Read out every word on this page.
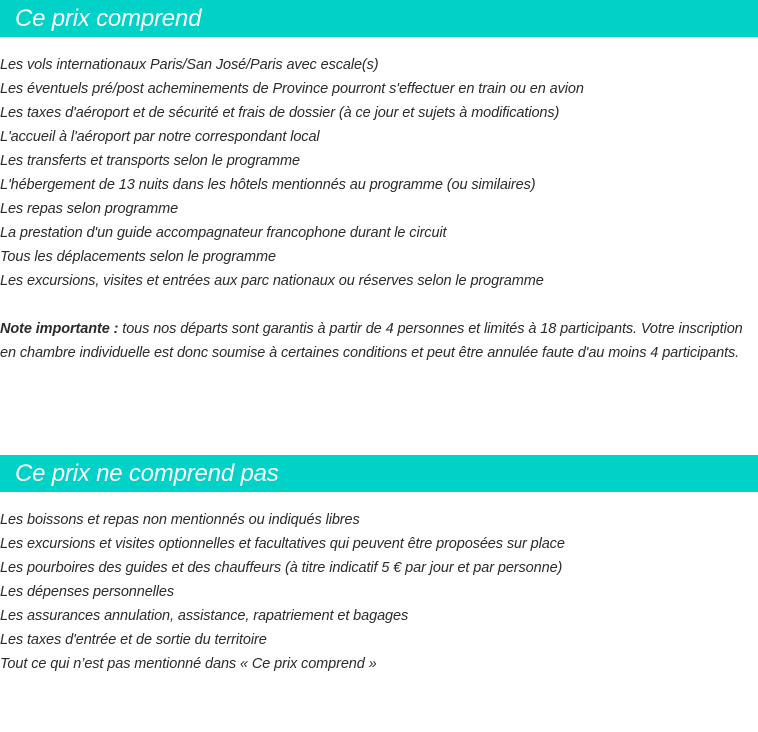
Ce prix comprend
Les vols internationaux Paris/San José/Paris avec escale(s)
Les éventuels pré/post acheminements de Province pourront s'effectuer en train ou en avion
Les taxes d'aéroport et de sécurité et frais de dossier (à ce jour et sujets à modifications)
L'accueil à l'aéroport par notre correspondant local
Les transferts et transports selon le programme
L'hébergement de 13 nuits dans les hôtels mentionnés au programme (ou similaires)
Les repas selon programme
La prestation d'un guide accompagnateur francophone durant le circuit
Tous les déplacements selon le programme
Les excursions, visites et entrées aux parc nationaux ou réserves selon le programme

Note importante : tous nos départs sont garantis à partir de 4 personnes et limités à 18 participants. Votre inscription en chambre individuelle est donc soumise à certaines conditions et peut être annulée faute d'au moins 4 participants.

Ce prix ne comprend pas
Les boissons et repas non mentionnés ou indiqués libres
Les excursions et visites optionnelles et facultatives qui peuvent être proposées sur place
Les pourboires des guides et des chauffeurs (à titre indicatif 5 € par jour et par personne)
Les dépenses personnelles
Les assurances annulation, assistance, rapatriement et bagages
Les taxes d'entrée et de sortie du territoire
Tout ce qui n’est pas mentionné dans « Ce prix comprend »
